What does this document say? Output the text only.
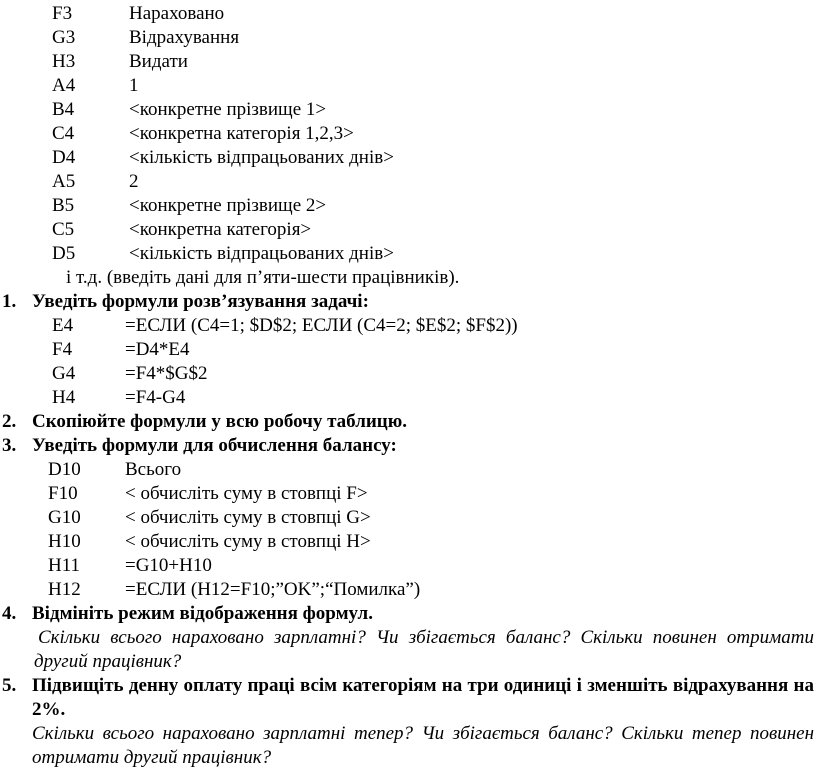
F3	Нараховано
G3	Відрахування
H3	Видати
A4	1
B4	<конкретне прізвище 1>
C4	<конкретна категорія 1,2,3>
D4	<кількість відпрацьованих днів>
A5	2
B5	<конкретне прізвище 2>
C5	<конкретна категорія>
D5	<кількість відпрацьованих днів>
і т.д. (введіть дані для п’яти-шести працівників).
1. Уведіть формули розв’язування задачі:
E4	=ЕСЛИ (С4=1; $D$2; ЕСЛИ (С4=2; $E$2; $F$2))
F4	=D4*E4
G4	=F4*$G$2
H4	=F4-G4
2. Скопіюйте формули у всю робочу таблицю.
3. Уведіть формули для обчислення балансу:
D10 Всього
F10 < обчисліть суму в стовпці F>
G10 < обчисліть суму в стовпці G>
H10 < обчисліть суму в стовпці H>
H11 =G10+H10
H12 =ЕСЛИ (H12=F10;”OK”;“Помилка”)
4. Відмініть режим відображення формул.
Скільки всього нараховано зарплатні? Чи збігається баланс? Скільки повинен отримати другий працівник?
5. Підвищіть денну оплату праці всім категоріям на три одиниці і зменшіть відрахування на 2%.
Скільки всього нараховано зарплатні тепер? Чи збігається баланс? Скільки тепер повинен отримати другий працівник?
